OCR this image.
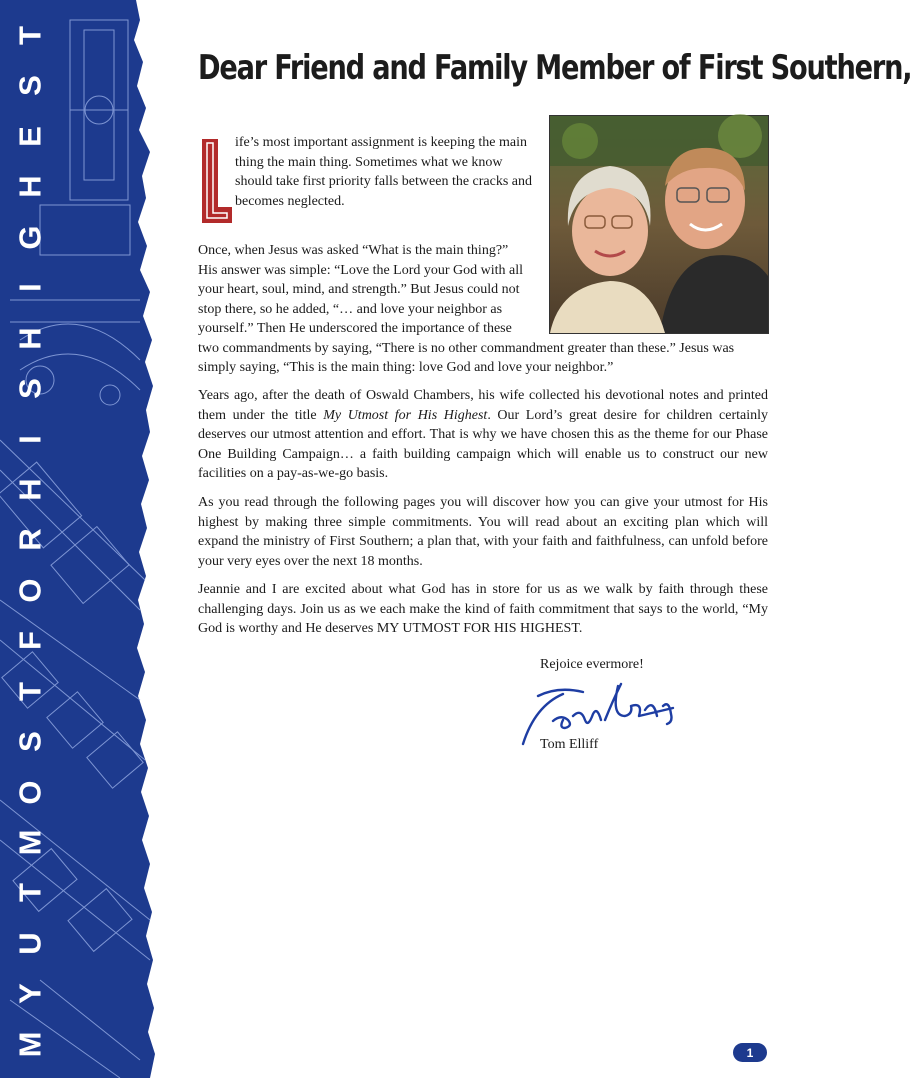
M
Y
U
T
M
O
S
T
F
O
R
H
I
S
H
I
G
H
E
S
T
Dear Friend and Family Member of First Southern,
L

ife’s most important assignment is keeping the main thing the main thing. Sometimes what we know should take first priority falls between the cracks and becomes neglected.

Once, when Jesus was asked “What is the main thing?” His answer was simple: “Love the Lord your God with all your heart, soul, mind, and strength.” But Jesus could not stop there, so he added, “… and love your neighbor as yourself.” Then He underscored the importance of these
two commandments by saying, “There is no other commandment greater than these.” Jesus was simply saying, “This is the main thing: love God and love your neighbor.”

Years ago, after the death of Oswald Chambers, his wife collected his devotional notes and printed them under the title My Utmost for His Highest. Our Lord’s great desire for children certainly deserves our utmost attention and effort. That is why we have chosen this as the theme for our Phase One Building Campaign… a faith building campaign which will enable us to construct our new facilities on a pay-as-we-go basis.

As you read through the following pages you will discover how you can give your utmost for His highest by making three simple commitments. You will read about an exciting plan which will expand the ministry of First Southern; a plan that, with your faith and faithfulness, can unfold before your very eyes over the next 18 months.

Jeannie and I are excited about what God has in store for us as we walk by faith through these challenging days. Join us as we each make the kind of faith commitment that says to the world, “My God is worthy and He deserves MY UTMOST FOR HIS HIGHEST.

Rejoice evermore!
Tom Elliff
1
